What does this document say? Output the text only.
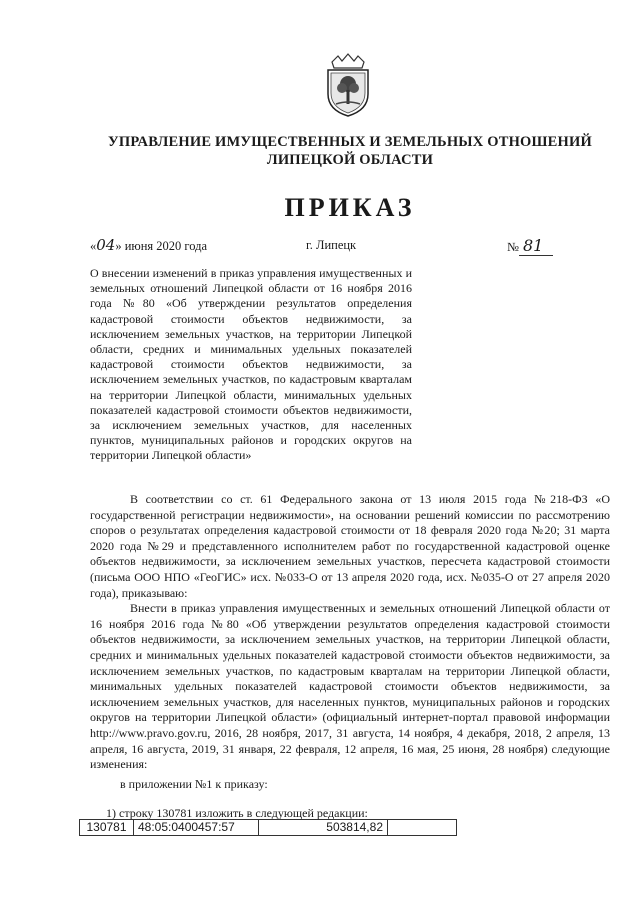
УПРАВЛЕНИЕ ИМУЩЕСТВЕННЫХ И ЗЕМЕЛЬНЫХ ОТНОШЕНИЙ
ЛИПЕЦКОЙ ОБЛАСТИ
ПРИКАЗ
«04» июня 2020 года	г. Липецк	№ 81
О внесении изменений в приказ управления имущественных и земельных отношений Липецкой области от 16 ноября 2016 года №80 «Об утверждении результатов определения кадастровой стоимости объектов недвижимости, за исключением земельных участков, на территории Липецкой области, средних и минимальных удельных показателей кадастровой стоимости объектов недвижимости, за исключением земельных участков, по кадастровым кварталам на территории Липецкой области, минимальных удельных показателей кадастровой стоимости объектов недвижимости, за исключением земельных участков, для населенных пунктов, муниципальных районов и городских округов на территории Липецкой области»

В соответствии со ст. 61 Федерального закона от 13 июля 2015 года №218-ФЗ «О государственной регистрации недвижимости», на основании решений комиссии по рассмотрению споров о результатах определения кадастровой стоимости от 18 февраля 2020 года №20; 31 марта 2020 года №29 и представленного исполнителем работ по государственной кадастровой оценке объектов недвижимости, за исключением земельных участков, пересчета кадастровой стоимости (письма ООО НПО «ГеоГИС» исх. №033-О от 13 апреля 2020 года, исх. №035-О от 27 апреля 2020 года), приказываю:

Внести в приказ управления имущественных и земельных отношений Липецкой области от 16 ноября 2016 года №80 «Об утверждении результатов определения кадастровой стоимости объектов недвижимости, за исключением земельных участков, на территории Липецкой области, средних и минимальных удельных показателей кадастровой стоимости объектов недвижимости, за исключением земельных участков, по кадастровым кварталам на территории Липецкой области, минимальных удельных показателей кадастровой стоимости объектов недвижимости, за исключением земельных участков, для населенных пунктов, муниципальных районов и городских округов на территории Липецкой области» (официальный интернет-портал правовой информации http://www.pravo.gov.ru, 2016, 28 ноября, 2017, 31 августа, 14 ноября, 4 декабря, 2018, 2 апреля, 13 апреля, 16 августа, 2019, 31 января, 22 февраля, 12 апреля, 16 мая, 25 июня, 28 ноября) следующие изменения:

в приложении №1 к приказу:
1) строку 130781 изложить в следующей редакции:
130781	48:05:0400457:57	503814,82	
